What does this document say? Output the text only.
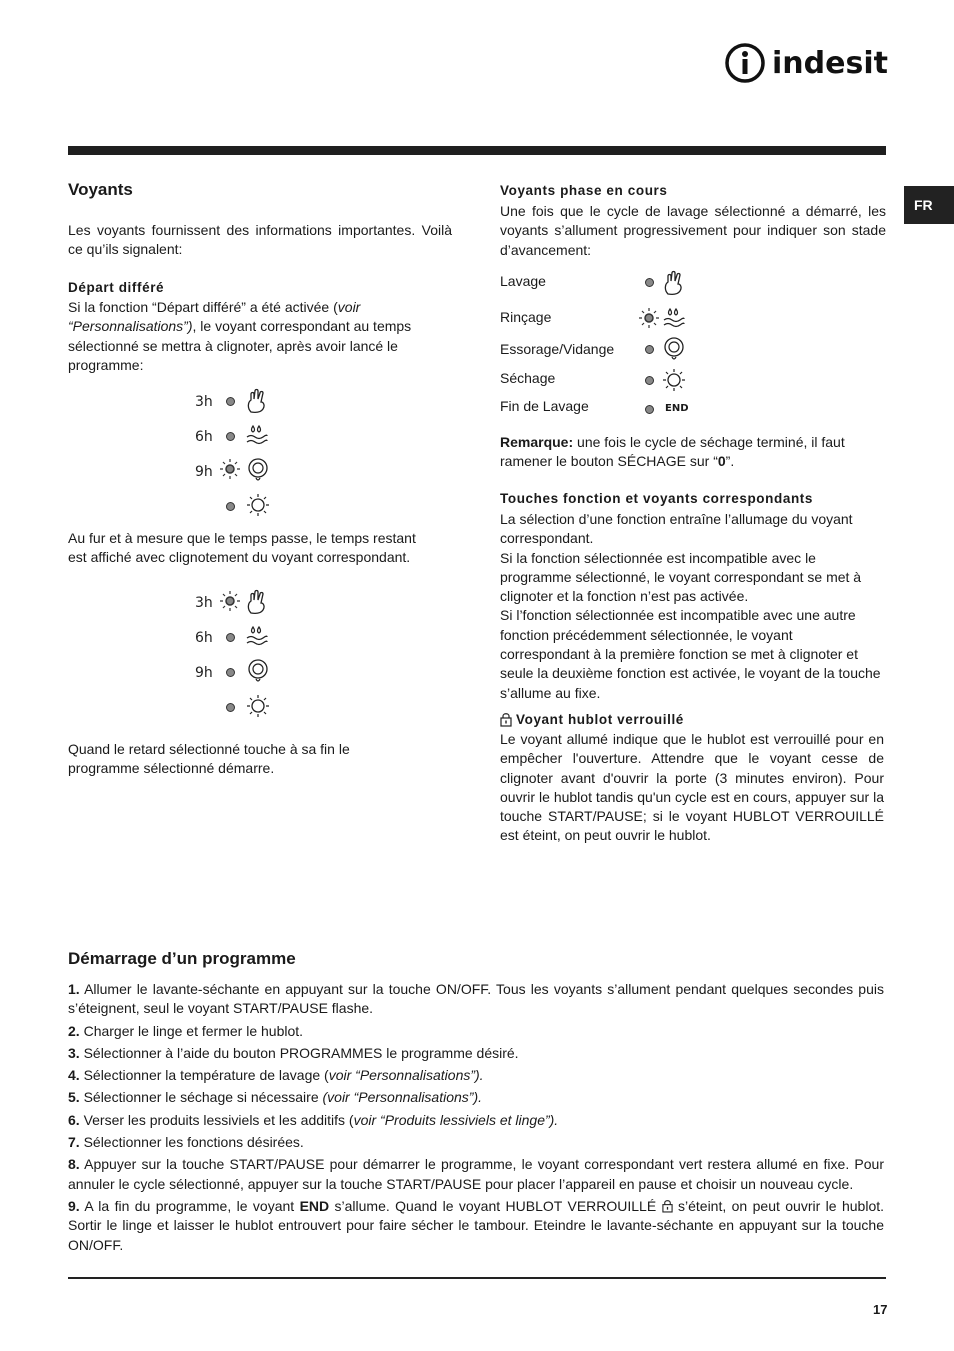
indesit
FR
Voyants

Les voyants fournissent des informations importantes. Voilà ce qu’ils signalent:

Départ différé

Si la fonction “Départ différé” a été activée (voir “Personnalisations”), le voyant correspondant au temps sélectionné se mettra à clignoter, après avoir lancé le programme:

3h
6h
9h

Au fur et à mesure que le temps passe, le temps restant est affiché avec clignotement du voyant correspondant.

3h
6h
9h

Quand le retard sélectionné touche à sa fin le programme sélectionné démarre.

Voyants phase en cours

Une fois que le cycle de lavage sélectionné a démarré, les voyants s’allument progressivement pour indiquer son stade d’avancement:

Lavage
Rinçage
Essorage/Vidange
Séchage
Fin de Lavage	END

Remarque: une fois le cycle de séchage terminé, il faut ramener le bouton SÉCHAGE sur “0”.

Touches fonction et voyants correspondants

La sélection d’une fonction entraîne l’allumage du voyant correspondant.
Si la fonction sélectionnée est incompatible avec le programme sélectionné, le voyant correspondant se met à clignoter et la fonction n’est pas activée.
Si l’fonction sélectionnée est incompatible avec une autre fonction précédemment sélectionnée, le voyant correspondant à la première fonction se met à clignoter et seule la deuxième fonction est activée, le voyant de la touche s’allume au fixe.

Voyant hublot verrouillé

Le voyant allumé indique que le hublot est verrouillé pour en empêcher l'ouverture. Attendre que le voyant cesse de clignoter avant d'ouvrir la porte (3 minutes environ). Pour ouvrir le hublot tandis qu'un cycle est en cours, appuyer sur la touche START/PAUSE; si le voyant HUBLOT VERROUILLÉ est éteint, on peut ouvrir le hublot.

Démarrage d’un programme

1. Allumer le lavante-séchante en appuyant sur la touche ON/OFF. Tous les voyants s’allument pendant quelques secondes puis s’éteignent, seul le voyant START/PAUSE flashe.

2. Charger le linge et fermer le hublot.

3. Sélectionner à l’aide du bouton PROGRAMMES le programme désiré.

4. Sélectionner la température de lavage (voir “Personnalisations”).

5. Sélectionner le séchage si nécessaire (voir “Personnalisations”).

6. Verser les produits lessiviels et les additifs (voir “Produits lessiviels et linge”).

7. Sélectionner les fonctions désirées.

8. Appuyer sur la touche START/PAUSE pour démarrer le programme, le voyant correspondant vert restera allumé en fixe. Pour annuler le cycle sélectionné, appuyer sur la touche START/PAUSE pour placer l’appareil en pause et choisir un nouveau cycle.

9. A la fin du programme, le voyant END s’allume. Quand le voyant HUBLOT VERROUILLÉ  s’éteint, on peut ouvrir le hublot. Sortir le linge et laisser le hublot entrouvert pour faire sécher le tambour. Eteindre le lavante-séchante en appuyant sur la touche ON/OFF.

17
